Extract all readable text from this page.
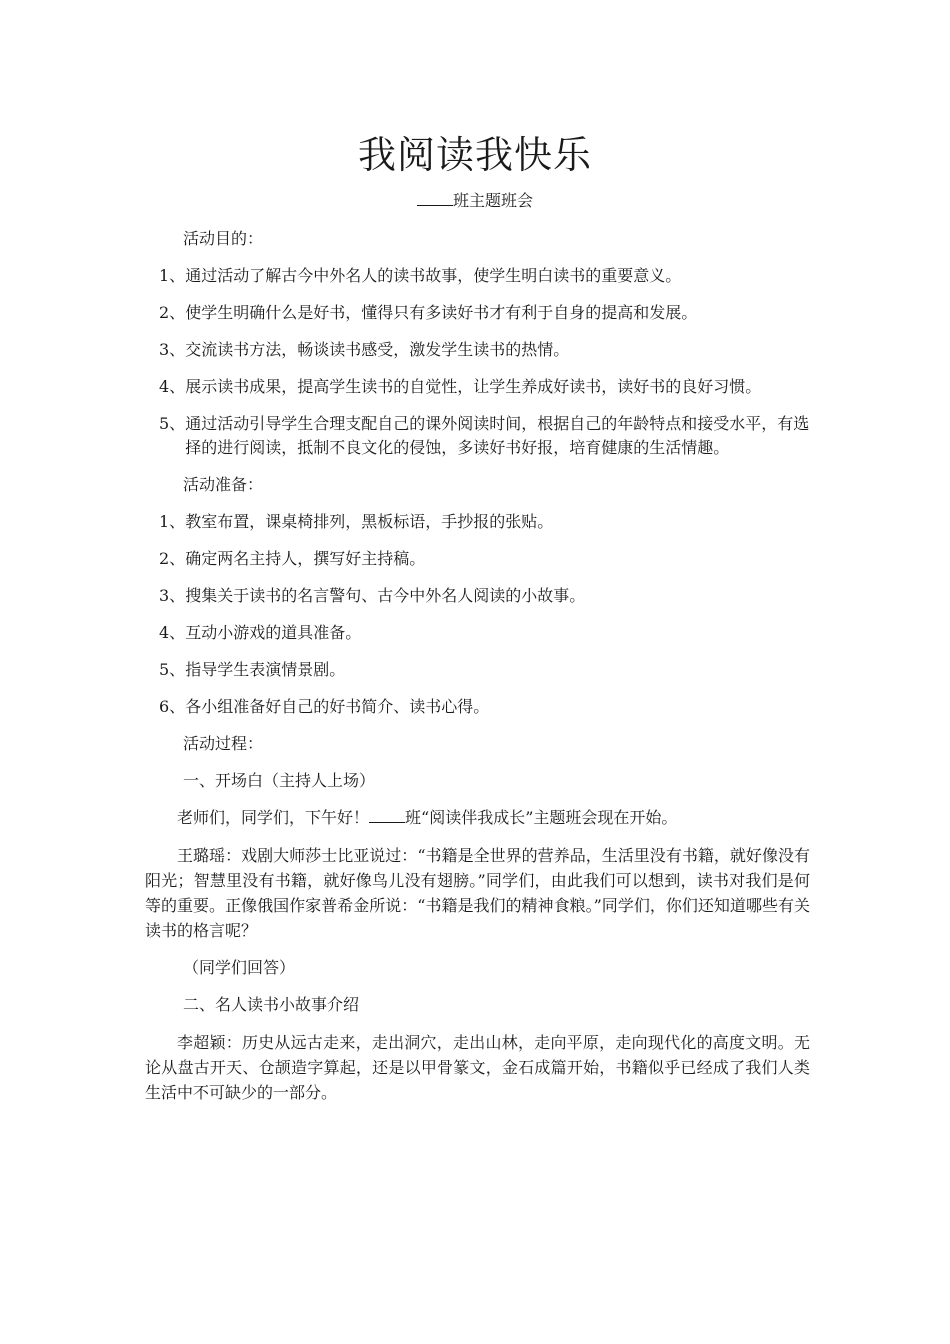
我阅读我快乐
班主题班会
活动目的：
1、 通过活动了解古今中外名人的读书故事，使学生明白读书的重要意义。
2、 使学生明确什么是好书，懂得只有多读好书才有利于自身的提高和发展。
3、 交流读书方法，畅谈读书感受，激发学生读书的热情。
4、 展示读书成果，提高学生读书的自觉性，让学生养成好读书，读好书的良好习惯。
5、 通过活动引导学生合理支配自己的课外阅读时间，根据自己的年龄特点和接受水平，有选择的进行阅读，抵制不良文化的侵蚀，多读好书好报，培育健康的生活情趣。
活动准备：
1、 教室布置，课桌椅排列，黑板标语，手抄报的张贴。
2、 确定两名主持人，撰写好主持稿。
3、 搜集关于读书的名言警句、古今中外名人阅读的小故事。
4、 互动小游戏的道具准备。
5、 指导学生表演情景剧。
6、 各小组准备好自己的好书简介、读书心得。
活动过程：
一、开场白（主持人上场）

老师们，同学们，下午好！ 班“阅读伴我成长”主题班会现在开始。

王璐瑶：戏剧大师莎士比亚说过：“书籍是全世界的营养品，生活里没有书籍，就好像没有阳光；智慧里没有书籍，就好像鸟儿没有翅膀。”同学们，由此我们可以想到，读书对我们是何等的重要。正像俄国作家普希金所说：“书籍是我们的精神食粮。”同学们，你们还知道哪些有关读书的格言呢？

（同学们回答）
二、名人读书小故事介绍

李超颖：历史从远古走来，走出洞穴，走出山林，走向平原，走向现代化的高度文明。无论从盘古开天、仓颉造字算起，还是以甲骨篆文，金石成篇开始，书籍似乎已经成了我们人类生活中不可缺少的一部分。
